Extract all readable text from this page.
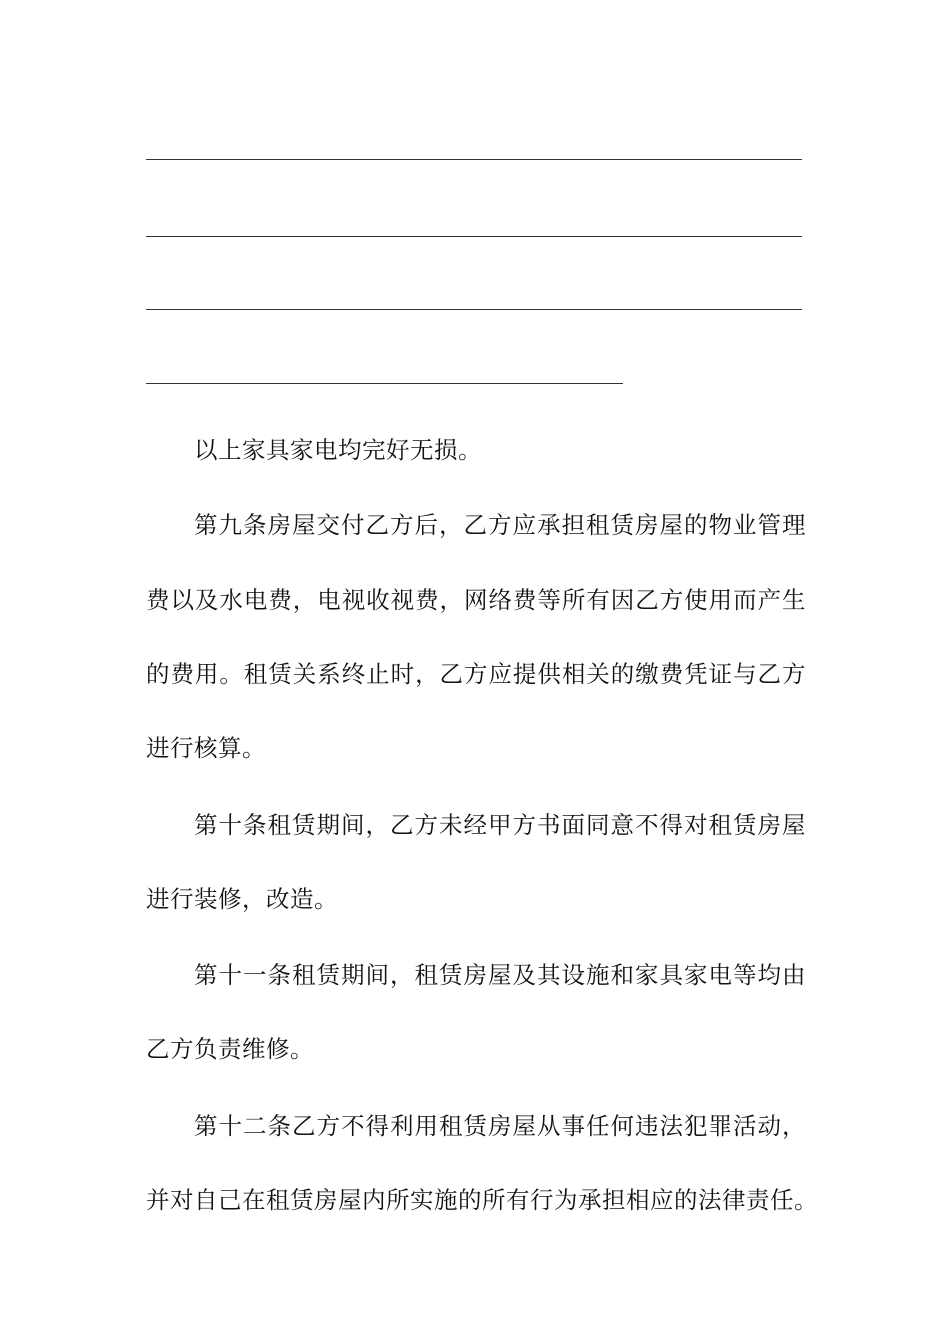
以上家具家电均完好无损。
第九条房屋交付乙方后，乙方应承担租赁房屋的物业管理
费以及水电费，电视收视费，网络费等所有因乙方使用而产生
的费用。租赁关系终止时，乙方应提供相关的缴费凭证与乙方
进行核算。
第十条租赁期间，乙方未经甲方书面同意不得对租赁房屋
进行装修，改造。
第十一条租赁期间，租赁房屋及其设施和家具家电等均由
乙方负责维修。
第十二条乙方不得利用租赁房屋从事任何违法犯罪活动，
并对自己在租赁房屋内所实施的所有行为承担相应的法律责任。
